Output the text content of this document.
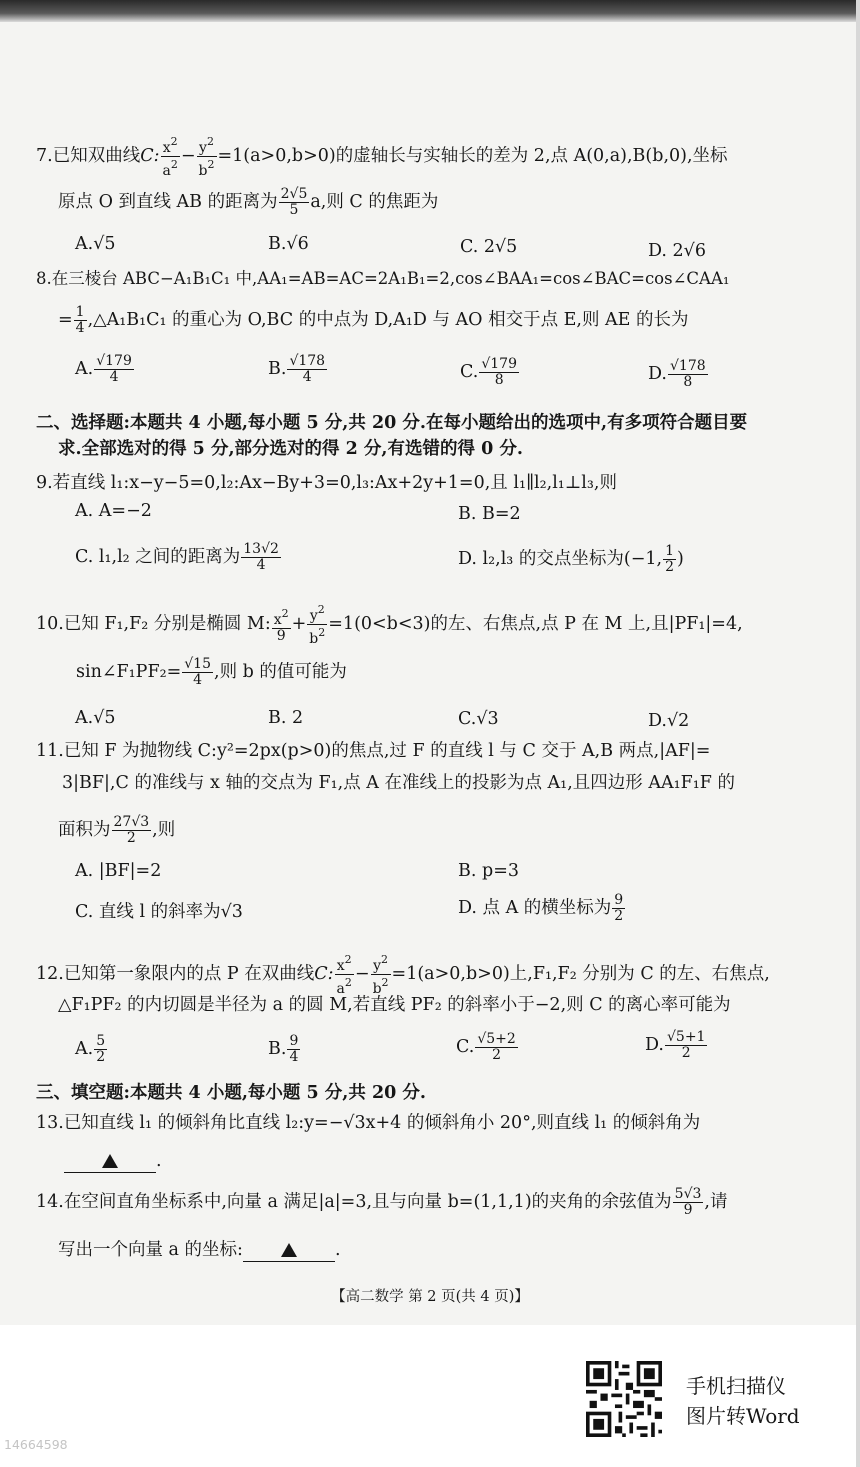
7.已知双曲线C: $\frac{x^2}{a^2} - \frac{y^2}{b^2} =1(a>0,b>0)$的虚轴长与实轴长的差为 2,点 A(0,a),B(b,0),坐标
原点 O 到直线 AB 的距离为 $\frac{2√5}{5} a$,则 C 的焦距为
A.√5	B.√6	C. 2√5	D. 2√6
8.在三棱台 ABC−A₁B₁C₁ 中,AA₁=AB=AC=2A₁B₁=2,cos∠BAA₁=cos∠BAC=cos∠CAA₁
= $\frac{1}{4}$ ,△A₁B₁C₁ 的重心为 O,BC 的中点为 D,A₁D 与 AO 相交于点 E,则 AE 的长为
A. $\frac{√179}{4}$	B. $\frac{√178}{4}$	C. $\frac{√179}{8}$	D. $\frac{√178}{8}$
二、选择题:本题共 4 小题,每小题 5 分,共 20 分.在每小题给出的选项中,有多项符合题目要
求.全部选对的得 5 分,部分选对的得 2 分,有选错的得 0 分.
9.若直线 l₁:x−y−5=0,l₂:Ax−By+3=0,l₃:Ax+2y+1=0,且 l₁∥l₂,l₁⊥l₃,则
A. A=−2	B. B=2
C. l₁,l₂ 之间的距离为 $\frac{13√2}{4}$	D. l₂,l₃ 的交点坐标为(−1, $\frac{1}{2}$ )
10.已知 F₁,F₂ 分别是椭圆 M: $\frac{x^2}{9} + \frac{y^2}{b^2} =1(0<b<3)$的左、右焦点,点 P 在 M 上,且|PF₁|=4,
sin∠F₁PF₂= $\frac{√15}{4}$ ,则 b 的值可能为
A.√5	B. 2	C.√3	D.√2
11.已知 F 为抛物线 C:y²=2px(p>0)的焦点,过 F 的直线 l 与 C 交于 A,B 两点,|AF|=
3|BF|,C 的准线与 x 轴的交点为 F₁,点 A 在准线上的投影为点 A₁,且四边形 AA₁F₁F 的
面积为 $\frac{27√3}{2}$ ,则
A. |BF|=2	B. p=3
C. 直线 l 的斜率为√3	D. 点 A 的横坐标为 $\frac{9}{2}$
12.已知第一象限内的点 P 在双曲线C: $\frac{x^2}{a^2} - \frac{y^2}{b^2} =1(a>0,b>0)$上,F₁,F₂ 分别为 C 的左、右焦点,
△F₁PF₂ 的内切圆是半径为 a 的圆 M,若直线 PF₂ 的斜率小于−2,则 C 的离心率可能为
A. $\frac{5}{2}$	B. $\frac{9}{4}$	C. $\frac{√5+2}{2}$	D. $\frac{√5+1}{2}$
三、填空题:本题共 4 小题,每小题 5 分,共 20 分.
13.已知直线 l₁ 的倾斜角比直线 l₂:y=−√3x+4 的倾斜角小 20°,则直线 l₁ 的倾斜角为
.
14.在空间直角坐标系中,向量 a 满足|a|=3,且与向量 b=(1,1,1)的夹角的余弦值为 $\frac{5√3}{9}$ ,请
写出一个向量 a 的坐标:	.
【高二数学 第 2 页(共 4 页)】
手机扫描仪
图片转Word
14664598
